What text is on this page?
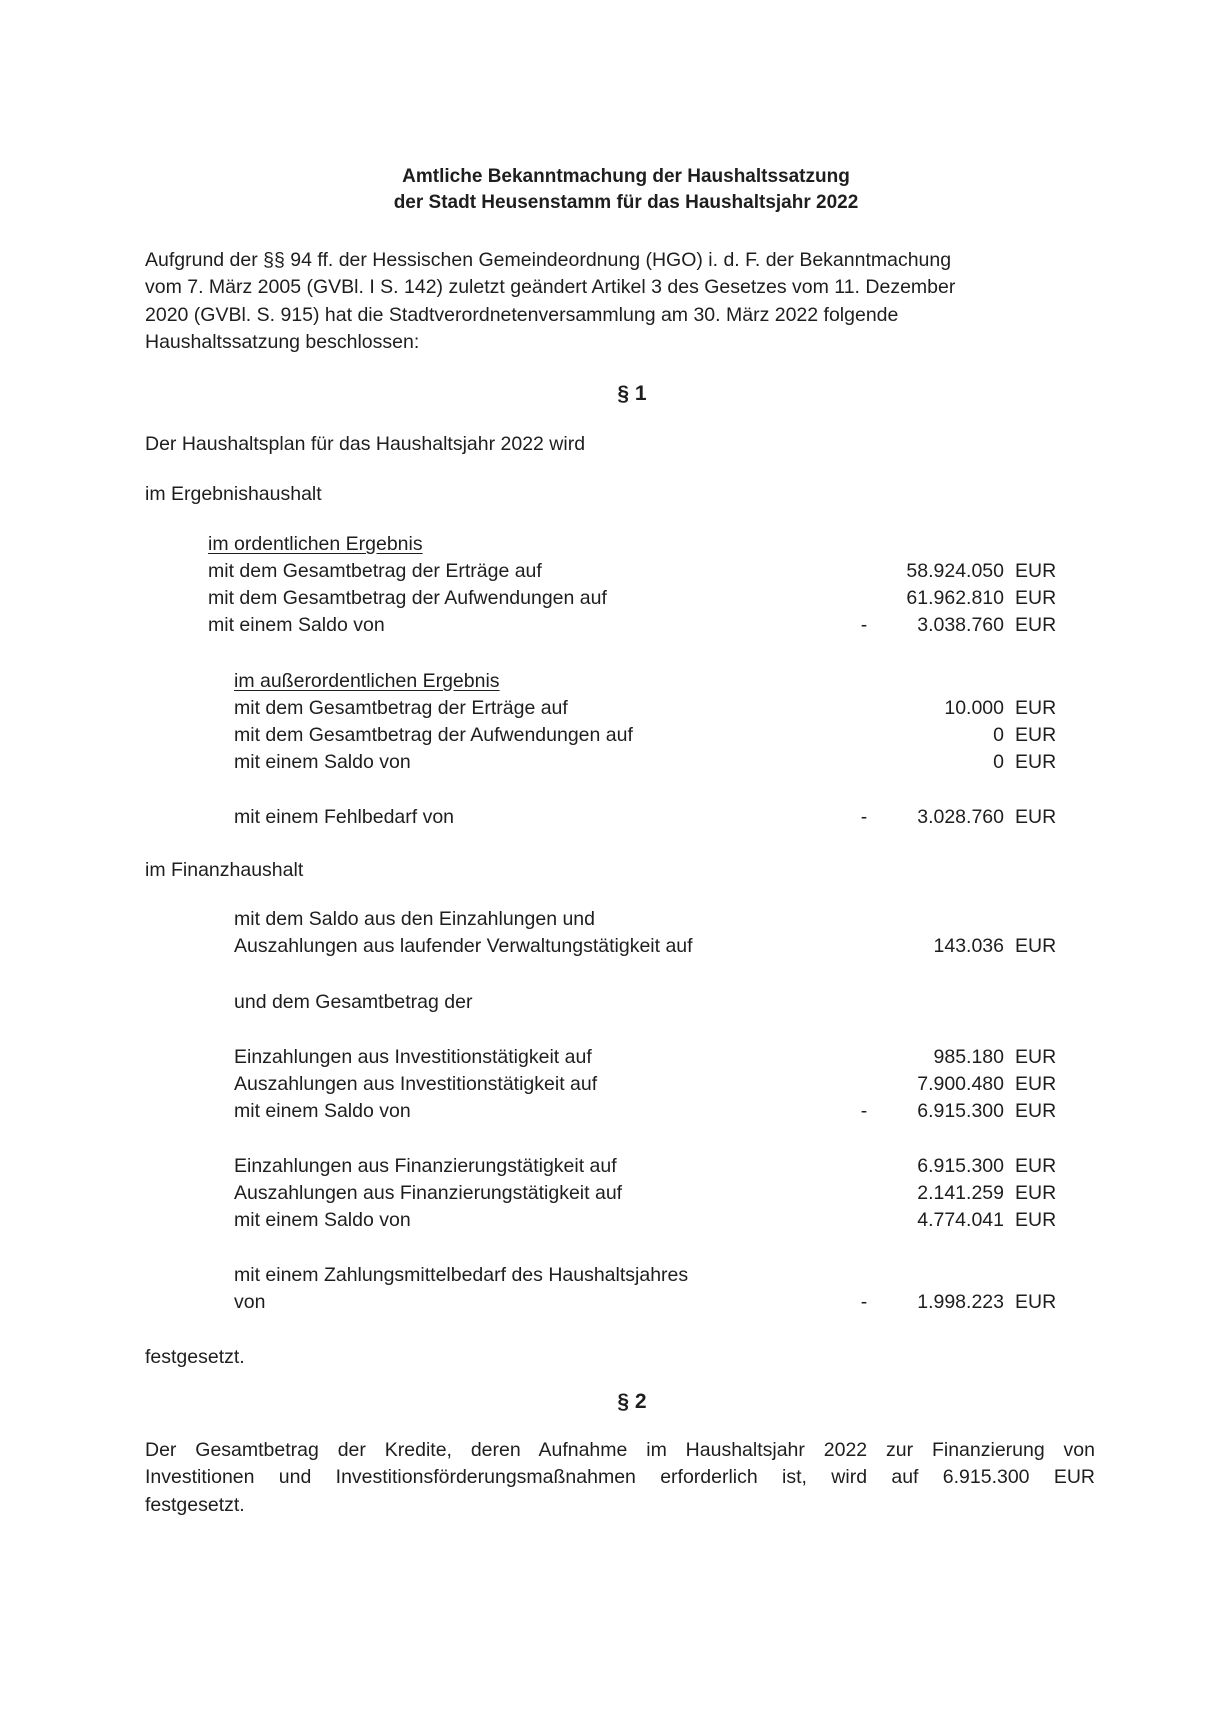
Amtliche Bekanntmachung der Haushaltssatzung
der Stadt Heusenstamm für das Haushaltsjahr 2022
Aufgrund der §§ 94 ff. der Hessischen Gemeindeordnung (HGO) i. d. F. der Bekanntmachung
vom 7. März 2005 (GVBl. I S. 142) zuletzt geändert Artikel 3 des Gesetzes vom 11. Dezember
2020 (GVBl. S. 915) hat die Stadtverordnetenversammlung am 30. März 2022 folgende
Haushaltssatzung beschlossen:
§ 1
Der Haushaltsplan für das Haushaltsjahr 2022 wird
im Ergebnishaushalt
im ordentlichen Ergebnis
mit dem Gesamtbetrag der Erträge auf	58.924.050 EUR
mit dem Gesamtbetrag der Aufwendungen auf	61.962.810 EUR
mit einem Saldo von	-	3.038.760 EUR
im außerordentlichen Ergebnis
mit dem Gesamtbetrag der Erträge auf	10.000 EUR
mit dem Gesamtbetrag der Aufwendungen auf	0 EUR
mit einem Saldo von	0 EUR
mit einem Fehlbedarf von	-	3.028.760 EUR
im Finanzhaushalt
mit dem Saldo aus den Einzahlungen und
Auszahlungen aus laufender Verwaltungstätigkeit auf	143.036 EUR
und dem Gesamtbetrag der
Einzahlungen aus Investitionstätigkeit auf	985.180 EUR
Auszahlungen aus Investitionstätigkeit auf	7.900.480 EUR
mit einem Saldo von	-	6.915.300 EUR
Einzahlungen aus Finanzierungstätigkeit auf	6.915.300 EUR
Auszahlungen aus Finanzierungstätigkeit auf	2.141.259 EUR
mit einem Saldo von	4.774.041 EUR
mit einem Zahlungsmittelbedarf des Haushaltsjahres
von	-	1.998.223 EUR
festgesetzt.
§ 2
Der Gesamtbetrag der Kredite, deren Aufnahme im Haushaltsjahr 2022 zur Finanzierung von
Investitionen und Investitionsförderungsmaßnahmen erforderlich ist, wird auf 6.915.300 EUR
festgesetzt.
